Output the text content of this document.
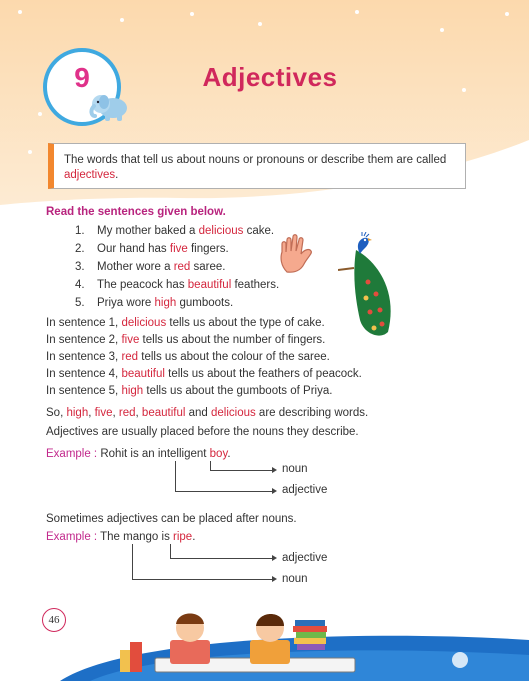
9	Adjectives
The words that tell us about nouns or pronouns or describe them are called adjectives.
Read the sentences given below.
1. My mother baked a delicious cake.
2. Our hand has five fingers.
3. Mother wore a red saree.
4. The peacock has beautiful feathers.
5. Priya wore high gumboots.
In sentence 1, delicious tells us about the type of cake.
In sentence 2, five tells us about the number of fingers.
In sentence 3, red tells us about the colour of the saree.
In sentence 4, beautiful tells us about the feathers of peacock.
In sentence 5, high tells us about the gumboots of Priya.
So, high, five, red, beautiful and delicious are describing words.
Adjectives are usually placed before the nouns they describe.
Example : Rohit is an intelligent boy.
noun
adjective
Sometimes adjectives can be placed after nouns.
Example : The mango is ripe.
adjective
noun
46
